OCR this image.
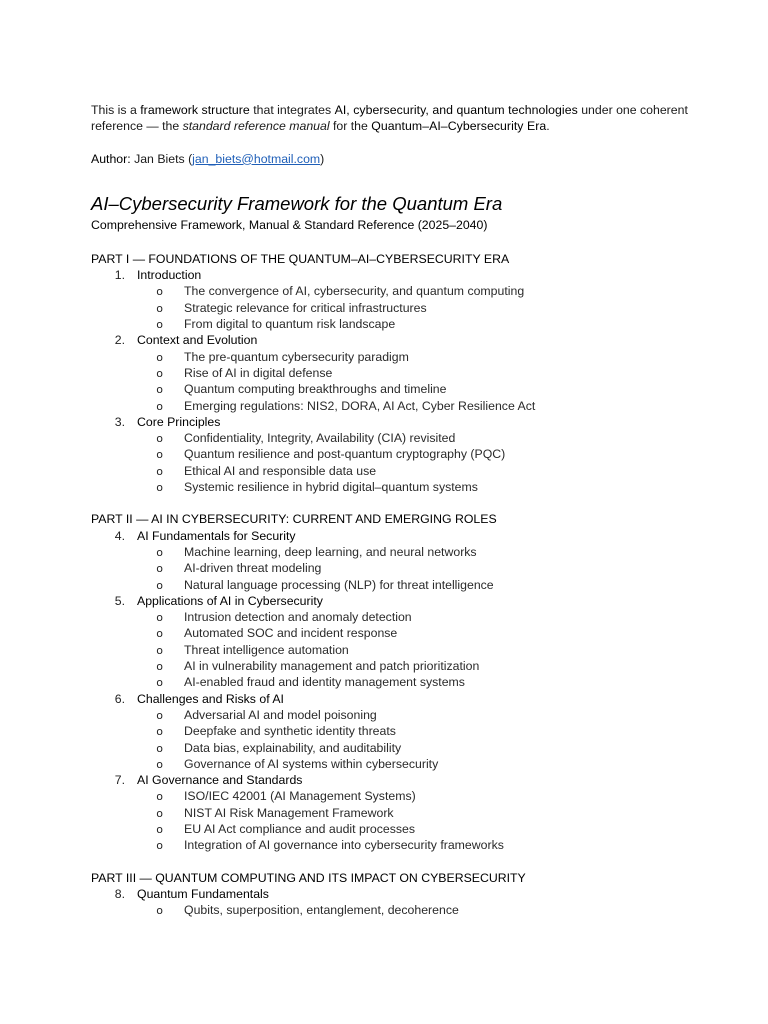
This is a framework structure that integrates AI, cybersecurity, and quantum technologies under one coherent reference — the standard reference manual for the Quantum–AI–Cybersecurity Era.

Author: Jan Biets (jan_biets@hotmail.com)

AI–Cybersecurity Framework for the Quantum Era

Comprehensive Framework, Manual & Standard Reference (2025–2040)

PART I — FOUNDATIONS OF THE QUANTUM–AI–CYBERSECURITY ERA
1. Introduction
o	The convergence of AI, cybersecurity, and quantum computing
o	Strategic relevance for critical infrastructures
o	From digital to quantum risk landscape
2. Context and Evolution
o	The pre-quantum cybersecurity paradigm
o	Rise of AI in digital defense
o	Quantum computing breakthroughs and timeline
o	Emerging regulations: NIS2, DORA, AI Act, Cyber Resilience Act
3. Core Principles
o	Confidentiality, Integrity, Availability (CIA) revisited
o	Quantum resilience and post-quantum cryptography (PQC)
o	Ethical AI and responsible data use
o	Systemic resilience in hybrid digital–quantum systems
PART II — AI IN CYBERSECURITY: CURRENT AND EMERGING ROLES
4. AI Fundamentals for Security
o	Machine learning, deep learning, and neural networks
o	AI-driven threat modeling
o	Natural language processing (NLP) for threat intelligence
5. Applications of AI in Cybersecurity
o	Intrusion detection and anomaly detection
o	Automated SOC and incident response
o	Threat intelligence automation
o	AI in vulnerability management and patch prioritization
o	AI-enabled fraud and identity management systems
6. Challenges and Risks of AI
o	Adversarial AI and model poisoning
o	Deepfake and synthetic identity threats
o	Data bias, explainability, and auditability
o	Governance of AI systems within cybersecurity
7. AI Governance and Standards
o	ISO/IEC 42001 (AI Management Systems)
o	NIST AI Risk Management Framework
o	EU AI Act compliance and audit processes
o	Integration of AI governance into cybersecurity frameworks
PART III — QUANTUM COMPUTING AND ITS IMPACT ON CYBERSECURITY
8. Quantum Fundamentals
o	Qubits, superposition, entanglement, decoherence
